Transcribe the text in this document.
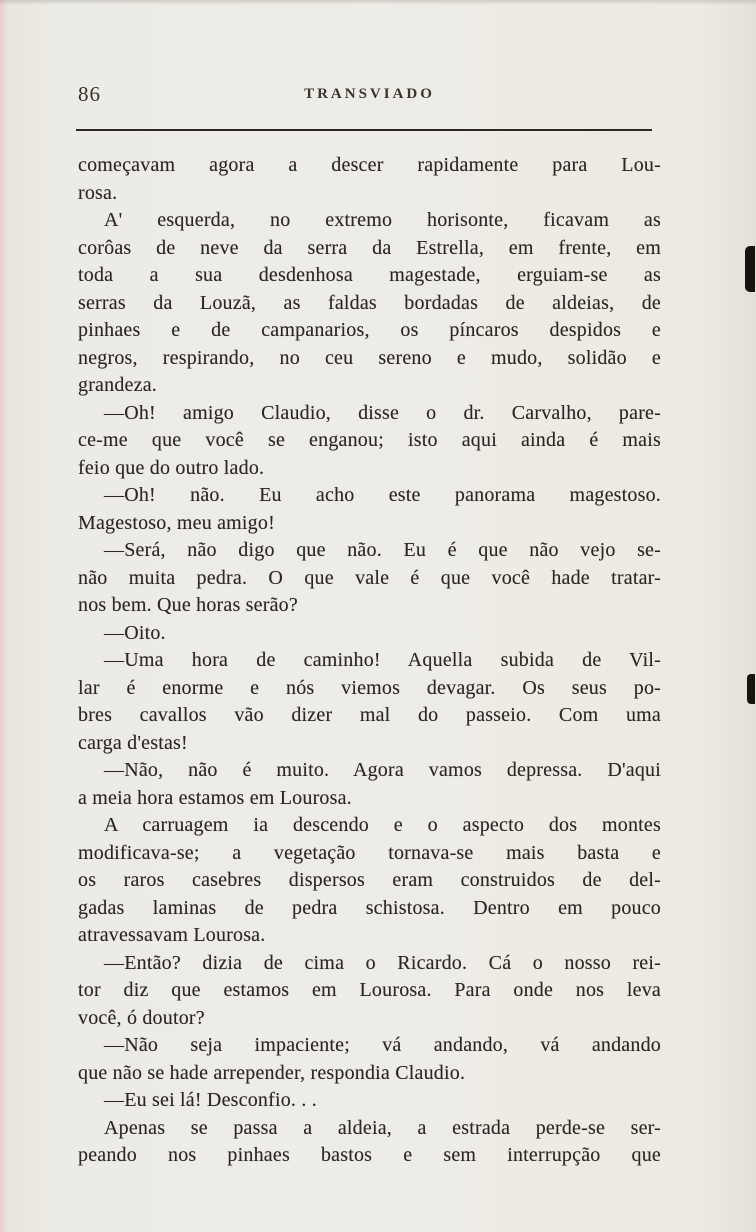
86	TRANSVIADO
começavam agora a descer rapidamente para Lou-
rosa.
A' esquerda, no extremo horisonte, ficavam as
corôas de neve da serra da Estrella, em frente, em
toda a sua desdenhosa magestade, erguiam-se as
serras da Louzã, as faldas bordadas de aldeias, de
pinhaes e de campanarios, os píncaros despidos e
negros, respirando, no ceu sereno e mudo, solidão e
grandeza.
—Oh! amigo Claudio, disse o dr. Carvalho, pare-
ce-me que você se enganou; isto aqui ainda é mais
feio que do outro lado.
—Oh! não. Eu acho este panorama magestoso.
Magestoso, meu amigo!
—Será, não digo que não. Eu é que não vejo se-
não muita pedra. O que vale é que você hade tratar-
nos bem. Que horas serão?
—Oito.
—Uma hora de caminho! Aquella subida de Vil-
lar é enorme e nós viemos devagar. Os seus po-
bres cavallos vão dizer mal do passeio. Com uma
carga d'estas!
—Não, não é muito. Agora vamos depressa. D'aqui
a meia hora estamos em Lourosa.
A carruagem ia descendo e o aspecto dos montes
modificava-se; a vegetação tornava-se mais basta e
os raros casebres dispersos eram construidos de del-
gadas laminas de pedra schistosa. Dentro em pouco
atravessavam Lourosa.
—Então? dizia de cima o Ricardo. Cá o nosso rei-
tor diz que estamos em Lourosa. Para onde nos leva
você, ó doutor?
—Não seja impaciente; vá andando, vá andando
que não se hade arrepender, respondia Claudio.
—Eu sei lá! Desconfio. . .
Apenas se passa a aldeia, a estrada perde-se ser-
peando nos pinhaes bastos e sem interrupção que
